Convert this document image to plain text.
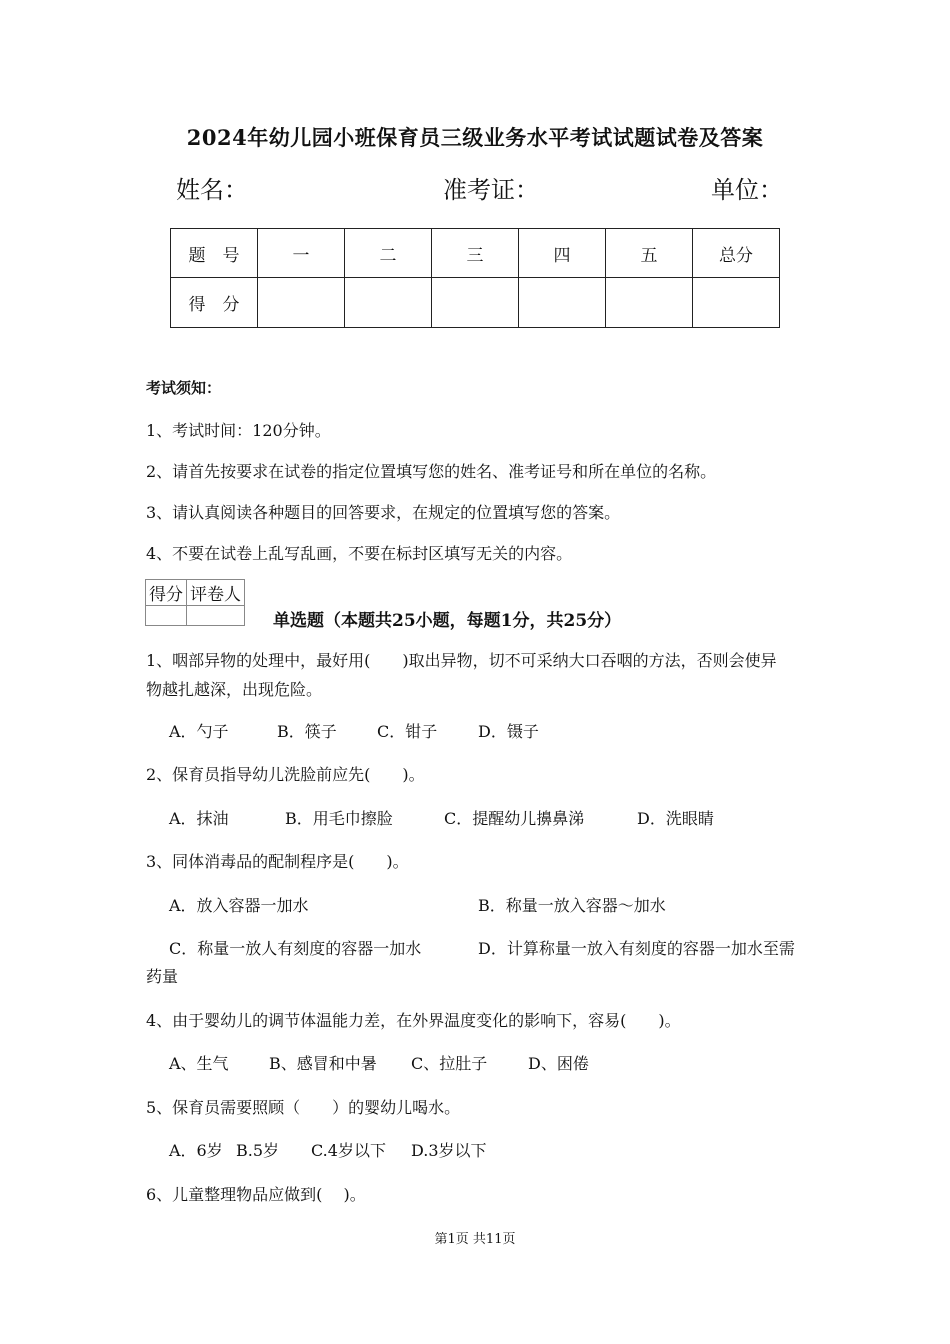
2024年幼儿园小班保育员三级业务水平考试试题试卷及答案
姓名：	准考证：	单位：
题　号	一	二	三	四	五	总分
得　分						
考试须知：
1、考试时间：120分钟。
2、请首先按要求在试卷的指定位置填写您的姓名、准考证号和所在单位的名称。
3、请认真阅读各种题目的回答要求，在规定的位置填写您的答案。
4、不要在试卷上乱写乱画，不要在标封区填写无关的内容。
得分	评卷人

单选题（本题共25小题，每题1分，共25分）
1、咽部异物的处理中，最好用(　　)取出异物，切不可采纳大口吞咽的方法，否则会使异
物越扎越深，出现危险。
A．勺子	B．筷子	C．钳子	D．镊子
2、保育员指导幼儿洗脸前应先(　　)。
A．抹油	B．用毛巾擦脸	C．提醒幼儿擤鼻涕	D．洗眼睛
3、同体消毒品的配制程序是(　　)。
A．放入容器一加水	B．称量一放入容器～加水
C．称量一放人有刻度的容器一加水	D．计算称量一放入有刻度的容器一加水至需
药量
4、由于婴幼儿的调节体温能力差，在外界温度变化的影响下，容易(　　)。
A、生气	B、感冒和中暑 C、拉肚子	D、困倦
5、保育员需要照顾（　　）的婴幼儿喝水。
A．6岁 B.5岁 C.4岁以下 D.3岁以下
6、儿童整理物品应做到(　 )。
第1页 共11页
